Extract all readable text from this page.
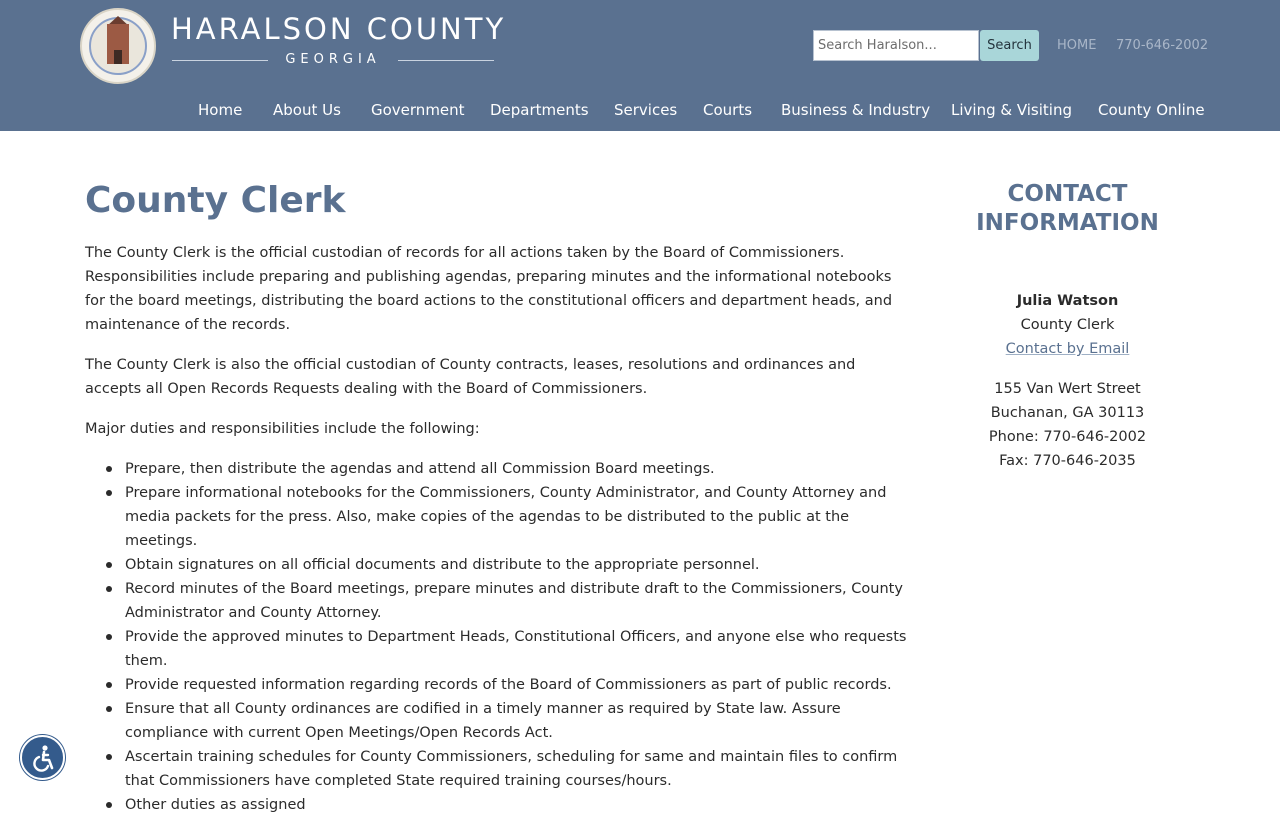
HARALSON COUNTY
GEORGIA
Search Haralson...
Search	HOME 770-646-2002
Home About Us Government Departments Services Courts Business & Industry Living & Visiting County Online
County Clerk

The County Clerk is the official custodian of records for all actions taken by the Board of Commissioners. Responsibilities include preparing and publishing agendas, preparing minutes and the informational notebooks for the board meetings, distributing the board actions to the constitutional officers and department heads, and maintenance of the records.

The County Clerk is also the official custodian of County contracts, leases, resolutions and ordinances and accepts all Open Records Requests dealing with the Board of Commissioners.

Major duties and responsibilities include the following:

Prepare, then distribute the agendas and attend all Commission Board meetings.
Prepare informational notebooks for the Commissioners, County Administrator, and County Attorney and media packets for the press. Also, make copies of the agendas to be distributed to the public at the meetings.
Obtain signatures on all official documents and distribute to the appropriate personnel.
Record minutes of the Board meetings, prepare minutes and distribute draft to the Commissioners, County Administrator and County Attorney.
Provide the approved minutes to Department Heads, Constitutional Officers, and anyone else who requests them.
Provide requested information regarding records of the Board of Commissioners as part of public records.
Ensure that all County ordinances are codified in a timely manner as required by State law. Assure compliance with current Open Meetings/Open Records Act.
Ascertain training schedules for County Commissioners, scheduling for same and maintain files to confirm that Commissioners have completed State required training courses/hours.
Other duties as assigned
CONTACT
INFORMATION
Julia Watson
County Clerk
Contact by Email
155 Van Wert Street
Buchanan, GA 30113
Phone: 770-646-2002
Fax: 770-646-2035
